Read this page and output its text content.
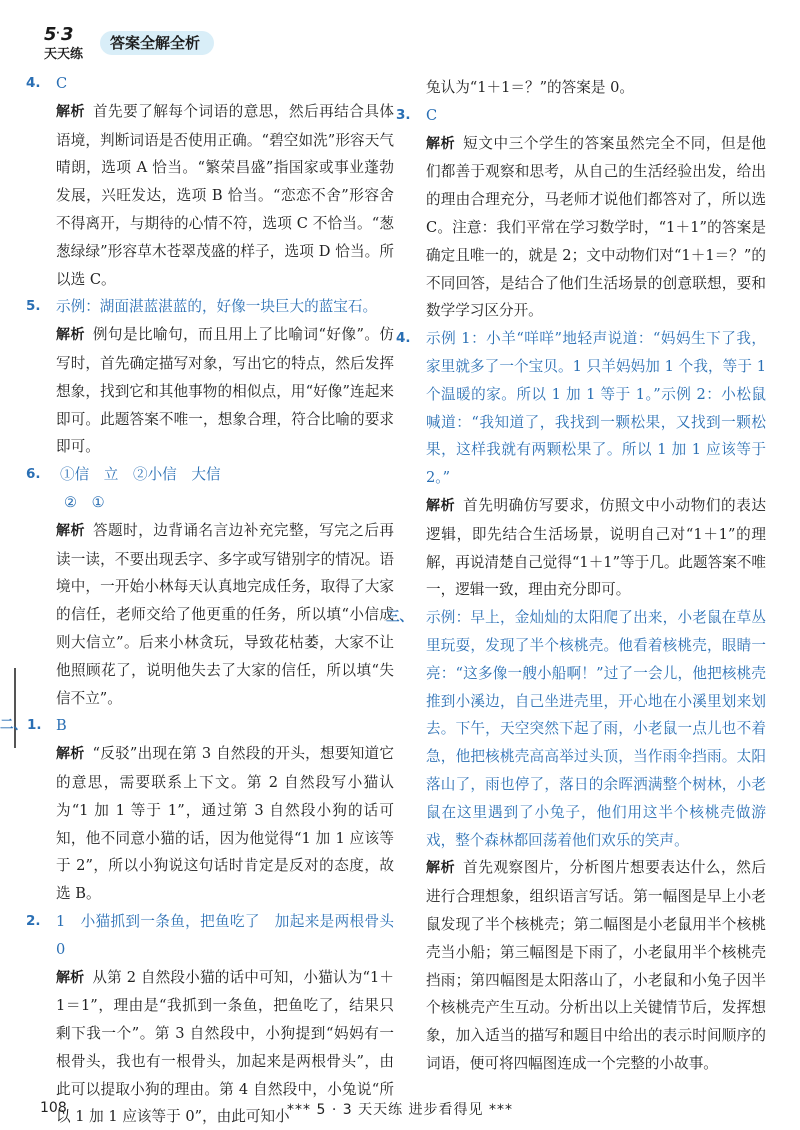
5 · 3
天天练
答案全解全析
4. C
解析 首先要了解每个词语的意思，然后再结合具体语境，判断词语是否使用正确。“碧空如洗”形容天气晴朗，选项 A 恰当。“繁荣昌盛”指国家或事业蓬勃发展，兴旺发达，选项 B 恰当。“恋恋不舍”形容舍不得离开，与期待的心情不符，选项 C 不恰当。“葱葱绿绿”形容草木苍翠茂盛的样子，选项 D 恰当。所以选 C。
5. 示例：湖面湛蓝湛蓝的，好像一块巨大的蓝宝石。
解析 例句是比喻句，而且用上了比喻词“好像”。仿写时，首先确定描写对象，写出它的特点，然后发挥想象，找到它和其他事物的相似点，用“好像”连起来即可。此题答案不唯一，想象合理，符合比喻的要求即可。
6. ①信　立　②小信　大信
②　①
解析 答题时，边背诵名言边补充完整，写完之后再读一读，不要出现丢字、多字或写错别字的情况。语境中，一开始小林每天认真地完成任务，取得了大家的信任，老师交给了他更重的任务，所以填“小信成则大信立”。后来小林贪玩，导致花枯萎，大家不让他照顾花了，说明他失去了大家的信任，所以填“失信不立”。
二、1. B
解析 “反驳”出现在第 3 自然段的开头，想要知道它的意思，需要联系上下文。第 2 自然段写小猫认为“1 加 1 等于 1”，通过第 3 自然段小狗的话可知，他不同意小猫的话，因为他觉得“1 加 1 应该等于 2”，所以小狗说这句话时肯定是反对的态度，故选 B。
2. 1　小猫抓到一条鱼，把鱼吃了　加起来是两根骨头　0
解析 从第 2 自然段小猫的话中可知，小猫认为“1＋1＝1”，理由是“我抓到一条鱼，把鱼吃了，结果只剩下我一个”。第 3 自然段中，小狗提到“妈妈有一根骨头，我也有一根骨头，加起来是两根骨头”，由此可以提取小狗的理由。第 4 自然段中，小兔说“所以 1 加 1 应该等于 0”，由此可知小
兔认为“1＋1＝？”的答案是 0。
3. C
解析 短文中三个学生的答案虽然完全不同，但是他们都善于观察和思考，从自己的生活经验出发，给出的理由合理充分，马老师才说他们都答对了，所以选 C。注意：我们平常在学习数学时，“1＋1”的答案是确定且唯一的，就是 2；文中动物们对“1＋1＝？”的不同回答，是结合了他们生活场景的创意联想，要和数学学习区分开。
4. 示例 1：小羊“咩咩”地轻声说道：“妈妈生下了我，家里就多了一个宝贝。1 只羊妈妈加 1 个我，等于 1 个温暖的家。所以 1 加 1 等于 1。”示例 2：小松鼠喊道：“我知道了，我找到一颗松果，又找到一颗松果，这样我就有两颗松果了。所以 1 加 1 应该等于 2。”
解析 首先明确仿写要求，仿照文中小动物们的表达逻辑，即先结合生活场景，说明自己对“1＋1”的理解，再说清楚自己觉得“1＋1”等于几。此题答案不唯一，逻辑一致，理由充分即可。
三、 示例：早上，金灿灿的太阳爬了出来，小老鼠在草丛里玩耍，发现了半个核桃壳。他看着核桃壳，眼睛一亮：“这多像一艘小船啊！”过了一会儿，他把核桃壳推到小溪边，自己坐进壳里，开心地在小溪里划来划去。下午，天空突然下起了雨，小老鼠一点儿也不着急，他把核桃壳高高举过头顶，当作雨伞挡雨。太阳落山了，雨也停了，落日的余晖洒满整个树林，小老鼠在这里遇到了小兔子，他们用这半个核桃壳做游戏，整个森林都回荡着他们欢乐的笑声。
解析 首先观察图片，分析图片想要表达什么，然后进行合理想象，组织语言写话。第一幅图是早上小老鼠发现了半个核桃壳；第二幅图是小老鼠用半个核桃壳当小船；第三幅图是下雨了，小老鼠用半个核桃壳挡雨；第四幅图是太阳落山了，小老鼠和小兔子因半个核桃壳产生互动。分析出以上关键情节后，发挥想象，加入适当的描写和题目中给出的表示时间顺序的词语，便可将四幅图连成一个完整的小故事。
108	*** 5 · 3 天天练 进步看得见 ***
